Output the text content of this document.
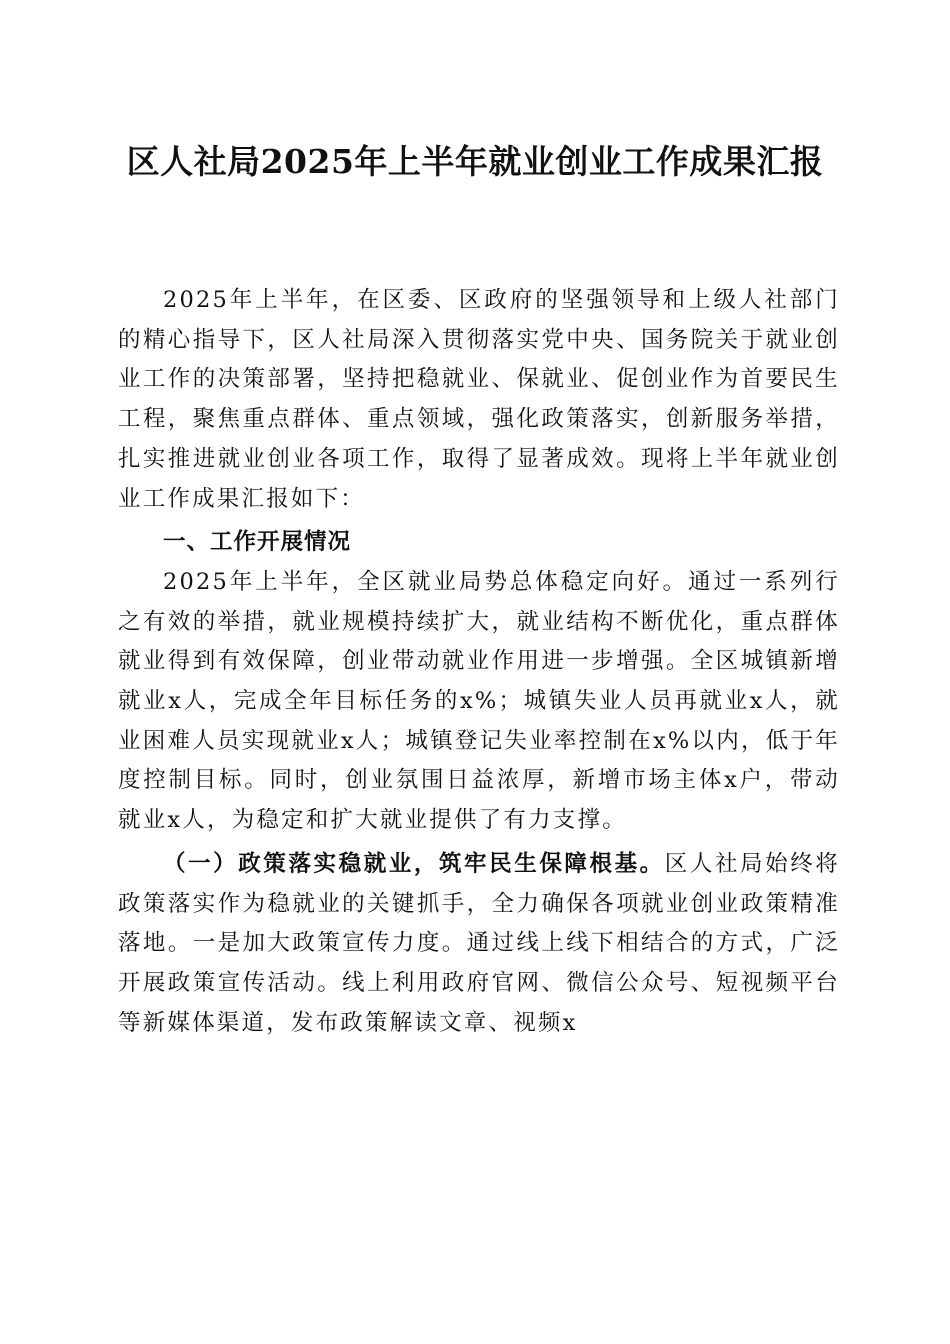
区人社局2025年上半年就业创业工作成果汇报

2025年上半年，在区委、区政府的坚强领导和上级人社部门的精心指导下，区人社局深入贯彻落实党中央、国务院关于就业创业工作的决策部署，坚持把稳就业、保就业、促创业作为首要民生工程，聚焦重点群体、重点领域，强化政策落实，创新服务举措，扎实推进就业创业各项工作，取得了显著成效。现将上半年就业创业工作成果汇报如下：

一、工作开展情况

2025年上半年，全区就业局势总体稳定向好。通过一系列行之有效的举措，就业规模持续扩大，就业结构不断优化，重点群体就业得到有效保障，创业带动就业作用进一步增强。全区城镇新增就业x人，完成全年目标任务的x%；城镇失业人员再就业x人，就业困难人员实现就业x人；城镇登记失业率控制在x%以内，低于年度控制目标。同时，创业氛围日益浓厚，新增市场主体x户，带动就业x人，为稳定和扩大就业提供了有力支撑。

（一）政策落实稳就业，筑牢民生保障根基。区人社局始终将政策落实作为稳就业的关键抓手，全力确保各项就业创业政策精准落地。一是加大政策宣传力度。通过线上线下相结合的方式，广泛开展政策宣传活动。线上利用政府官网、微信公众号、短视频平台等新媒体渠道，发布政策解读文章、视频x
